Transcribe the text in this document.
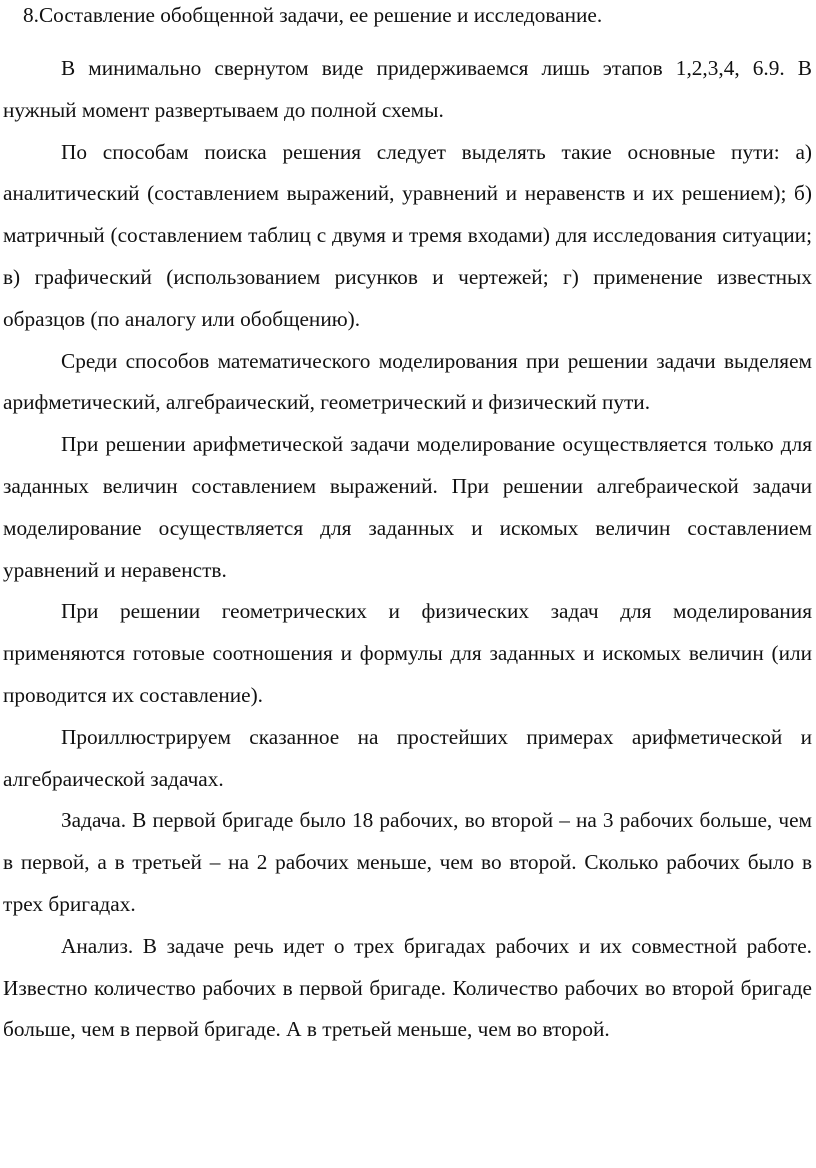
8.Составление обобщенной задачи, ее решение и исследование.

В минимально свернутом виде придерживаемся лишь этапов 1,2,3,4, 6.9. В нужный момент развертываем до полной схемы.

По способам поиска решения следует выделять такие основные пути: а) аналитический (составлением выражений, уравнений и неравенств и их решением); б) матричный (составлением таблиц с двумя и тремя входами) для исследования ситуации; в) графический (использованием рисунков и чертежей; г) применение известных образцов (по аналогу или обобщению).

Среди способов математического моделирования при решении задачи выделяем арифметический, алгебраический, геометрический и физический пути.

При решении арифметической задачи моделирование осуществляется только для заданных величин составлением выражений. При решении алгебраической задачи моделирование осуществляется для заданных и искомых величин составлением уравнений и неравенств.

При решении геометрических и физических задач для моделирования применяются готовые соотношения и формулы для заданных и искомых величин (или проводится их составление).

Проиллюстрируем сказанное на простейших примерах арифметической и алгебраической задачах.

Задача. В первой бригаде было 18 рабочих, во второй – на 3 рабочих больше, чем в первой, а в третьей – на 2 рабочих меньше, чем во второй. Сколько рабочих было в трех бригадах.

Анализ. В задаче речь идет о трех бригадах рабочих и их совместной работе. Известно количество рабочих в первой бригаде. Количество рабочих во второй бригаде больше, чем в первой бригаде. А в третьей меньше, чем во второй.
